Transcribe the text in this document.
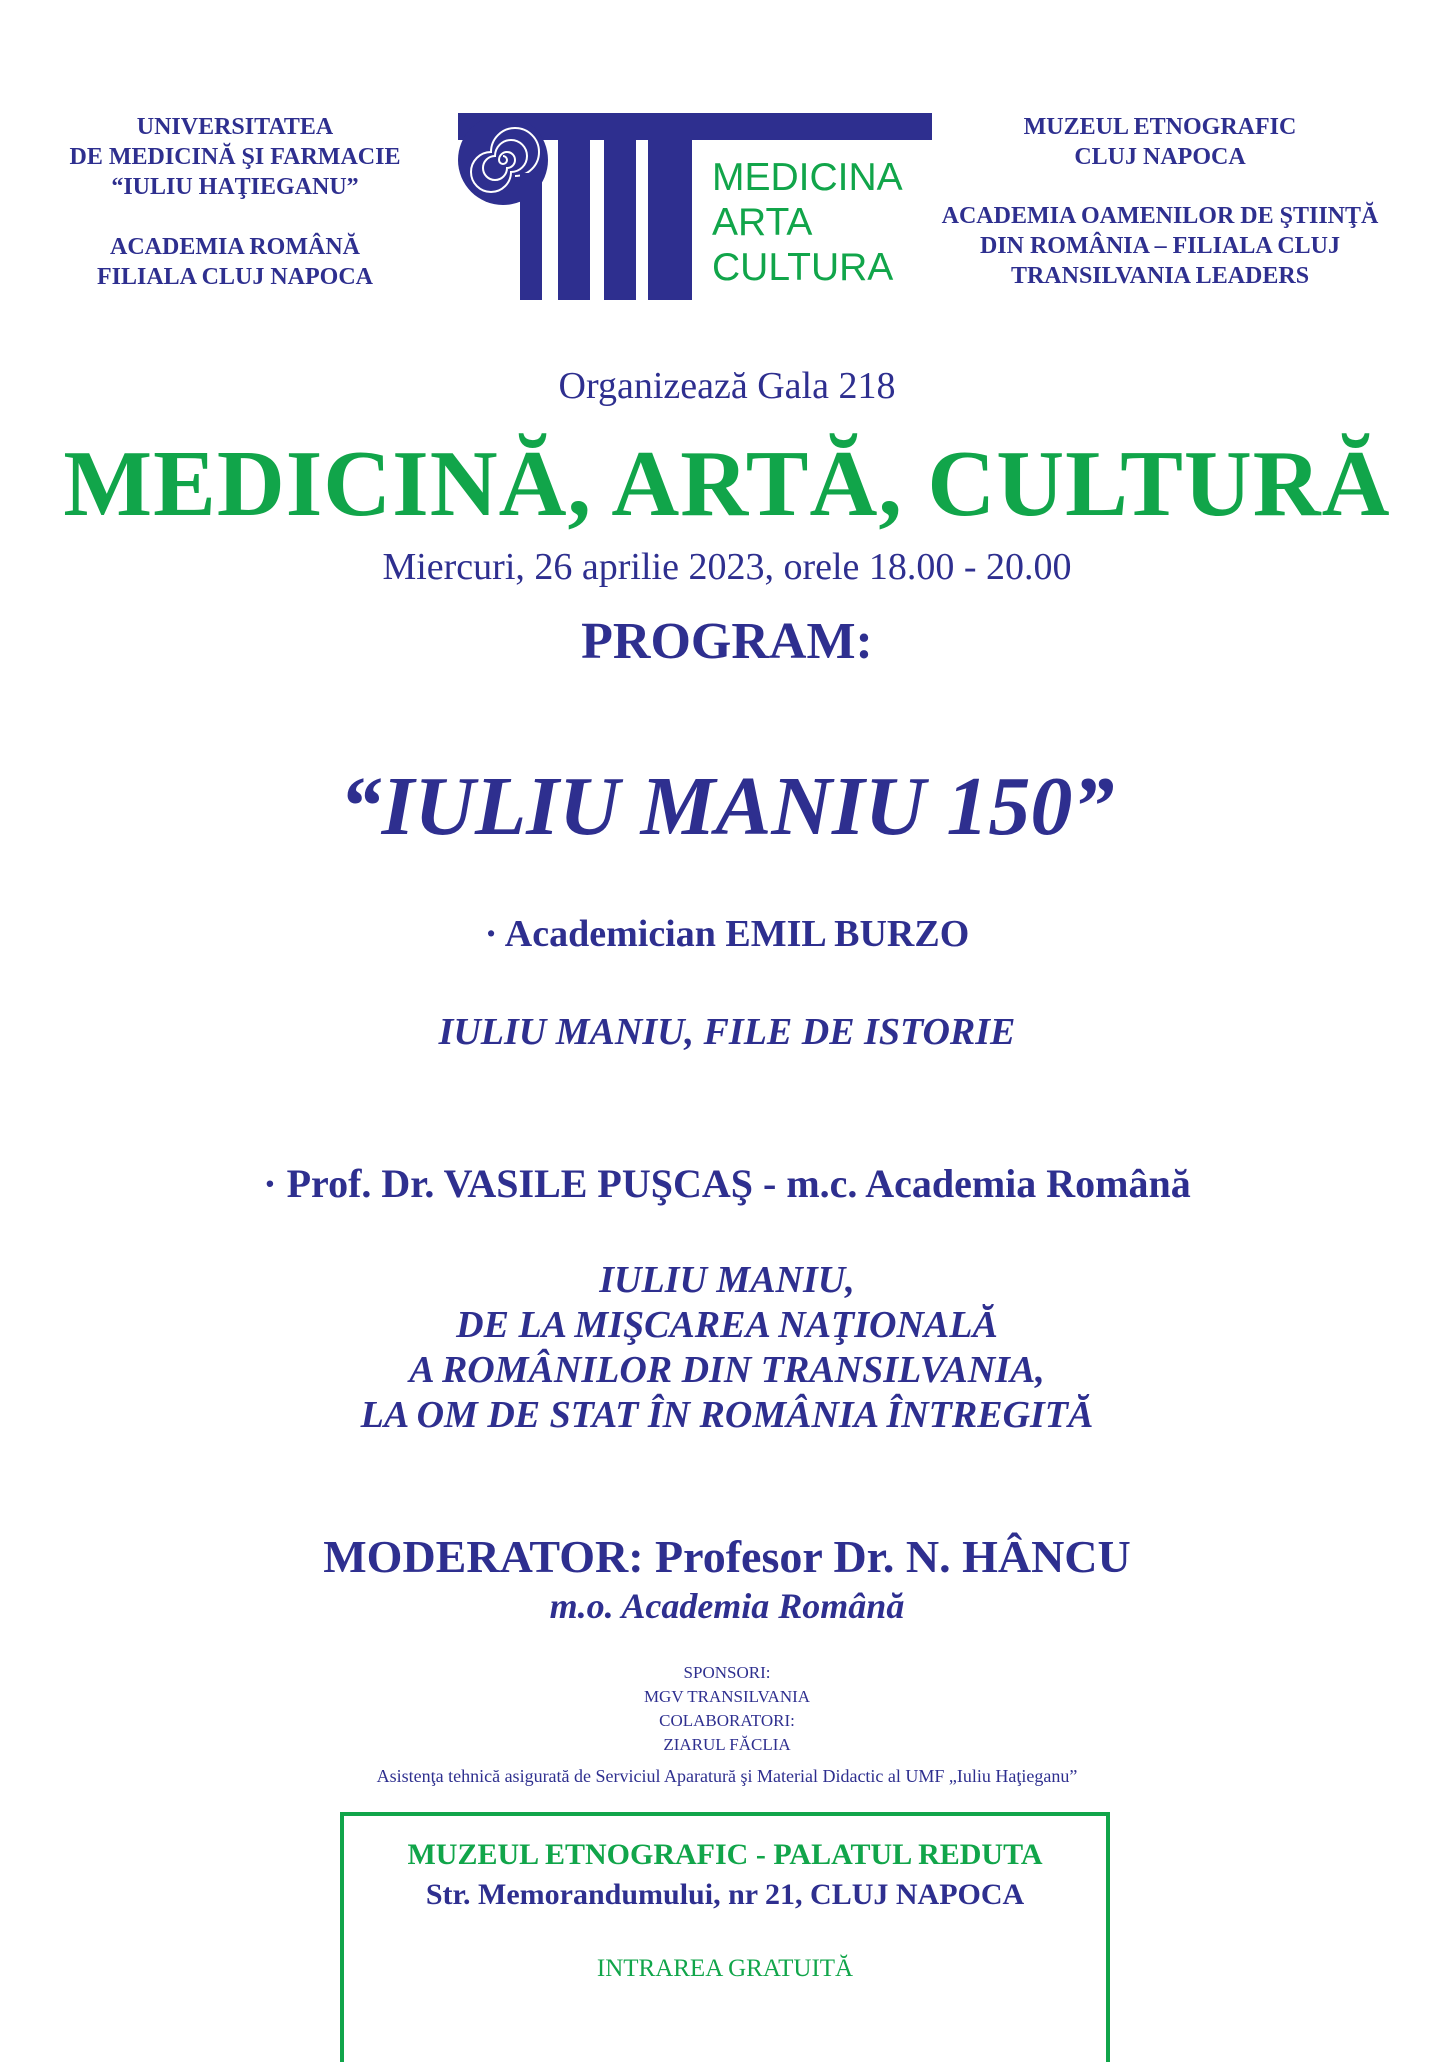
UNIVERSITATEA
DE MEDICINĂ ŞI FARMACIE
“IULIU HAŢIEGANU”
ACADEMIA ROMÂNĂ
FILIALA CLUJ NAPOCA
MEDICINA
ARTA
CULTURA
MUZEUL ETNOGRAFIC
CLUJ NAPOCA
ACADEMIA OAMENILOR DE ŞTIINŢĂ
DIN ROMÂNIA – FILIALA CLUJ
TRANSILVANIA LEADERS
Organizează Gala 218
MEDICINĂ, ARTĂ, CULTURĂ
Miercuri, 26 aprilie 2023, orele 18.00 - 20.00
PROGRAM:
“IULIU MANIU 150”
· Academician EMIL BURZO
IULIU MANIU, FILE DE ISTORIE
· Prof. Dr. VASILE PUŞCAŞ - m.c. Academia Română
IULIU MANIU,
DE LA MIŞCAREA NAŢIONALĂ
A ROMÂNILOR DIN TRANSILVANIA,
LA OM DE STAT ÎN ROMÂNIA ÎNTREGITĂ
MODERATOR: Profesor Dr. N. HÂNCU
m.o. Academia Română
SPONSORI:
MGV TRANSILVANIA
COLABORATORI:
ZIARUL FĂCLIA
Asistenţa tehnică asigurată de Serviciul Aparatură şi Material Didactic al UMF „Iuliu Haţieganu”
MUZEUL ETNOGRAFIC - PALATUL REDUTA
Str. Memorandumului, nr 21, CLUJ NAPOCA
INTRAREA GRATUITĂ
